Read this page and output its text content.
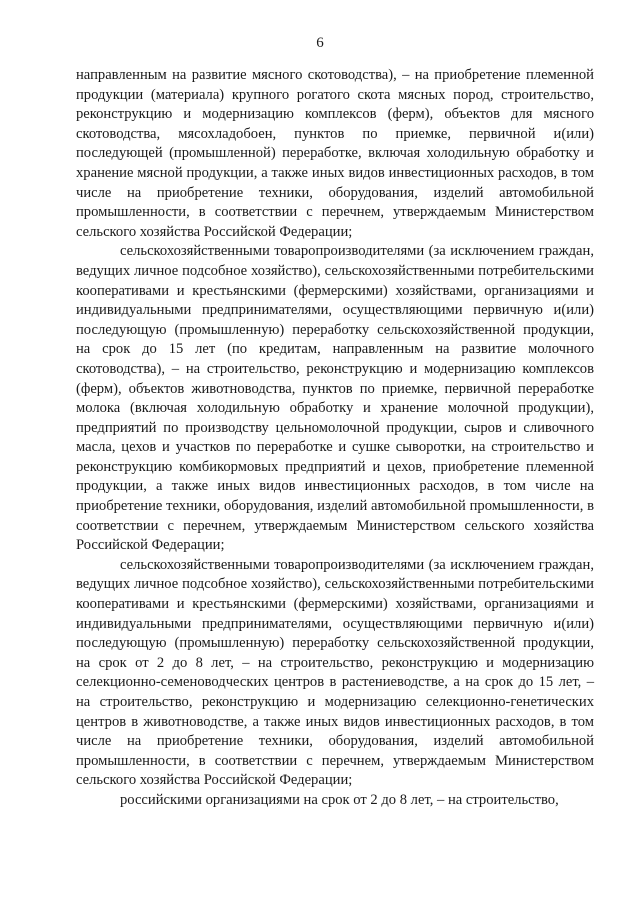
6

направленным на развитие мясного скотоводства), – на приобретение племенной продукции (материала) крупного рогатого скота мясных пород, строительство, реконструкцию и модернизацию комплексов (ферм), объектов для мясного скотоводства, мясохладобоен, пунктов по приемке, первичной и(или) последующей (промышленной) переработке, включая холодильную обработку и хранение мясной продукции, а также иных видов инвестиционных расходов, в том числе на приобретение техники, оборудования, изделий автомобильной промышленности, в соответствии с перечнем, утверждаемым Министерством сельского хозяйства Российской Федерации;

сельскохозяйственными товаропроизводителями (за исключением граждан, ведущих личное подсобное хозяйство), сельскохозяйственными потребительскими кооперативами и крестьянскими (фермерскими) хозяйствами, организациями и индивидуальными предпринимателями, осуществляющими первичную и(или) последующую (промышленную) переработку сельскохозяйственной продукции, на срок до 15 лет (по кредитам, направленным на развитие молочного скотоводства), – на строительство, реконструкцию и модернизацию комплексов (ферм), объектов животноводства, пунктов по приемке, первичной переработке молока (включая холодильную обработку и хранение молочной продукции), предприятий по производству цельномолочной продукции, сыров и сливочного масла, цехов и участков по переработке и сушке сыворотки, на строительство и реконструкцию комбикормовых предприятий и цехов, приобретение племенной продукции, а также иных видов инвестиционных расходов, в том числе на приобретение техники, оборудования, изделий автомобильной промышленности, в соответствии с перечнем, утверждаемым Министерством сельского хозяйства Российской Федерации;

сельскохозяйственными товаропроизводителями (за исключением граждан, ведущих личное подсобное хозяйство), сельскохозяйственными потребительскими кооперативами и крестьянскими (фермерскими) хозяйствами, организациями и индивидуальными предпринимателями, осуществляющими первичную и(или) последующую (промышленную) переработку сельскохозяйственной продукции, на срок от 2 до 8 лет, – на строительство, реконструкцию и модернизацию селекционно-семеноводческих центров в растениеводстве, а на срок до 15 лет, – на строительство, реконструкцию и модернизацию селекционно-генетических центров в животноводстве, а также иных видов инвестиционных расходов, в том числе на приобретение техники, оборудования, изделий автомобильной промышленности, в соответствии с перечнем, утверждаемым Министерством сельского хозяйства Российской Федерации;

российскими организациями на срок от 2 до 8 лет, – на строительство,
